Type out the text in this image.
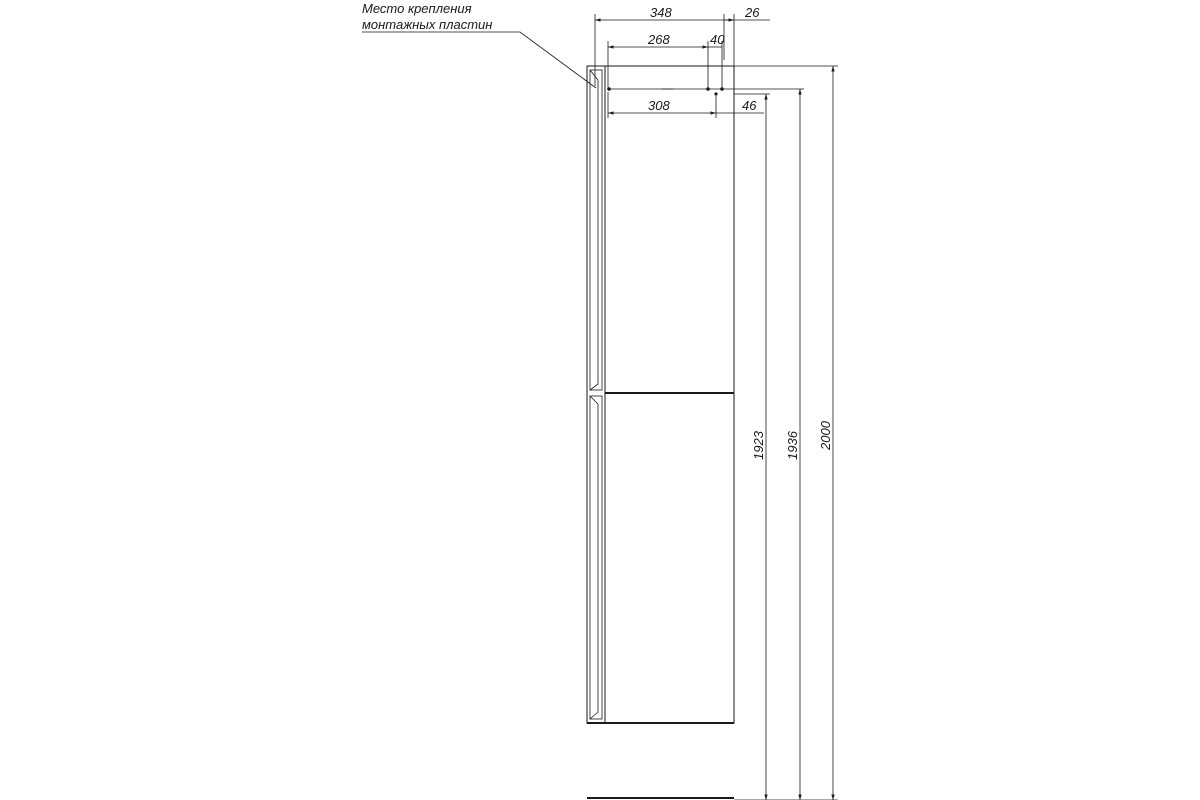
Место крепления
монтажных пластин
348	26
268	40
308	46
1923 1936 2000
